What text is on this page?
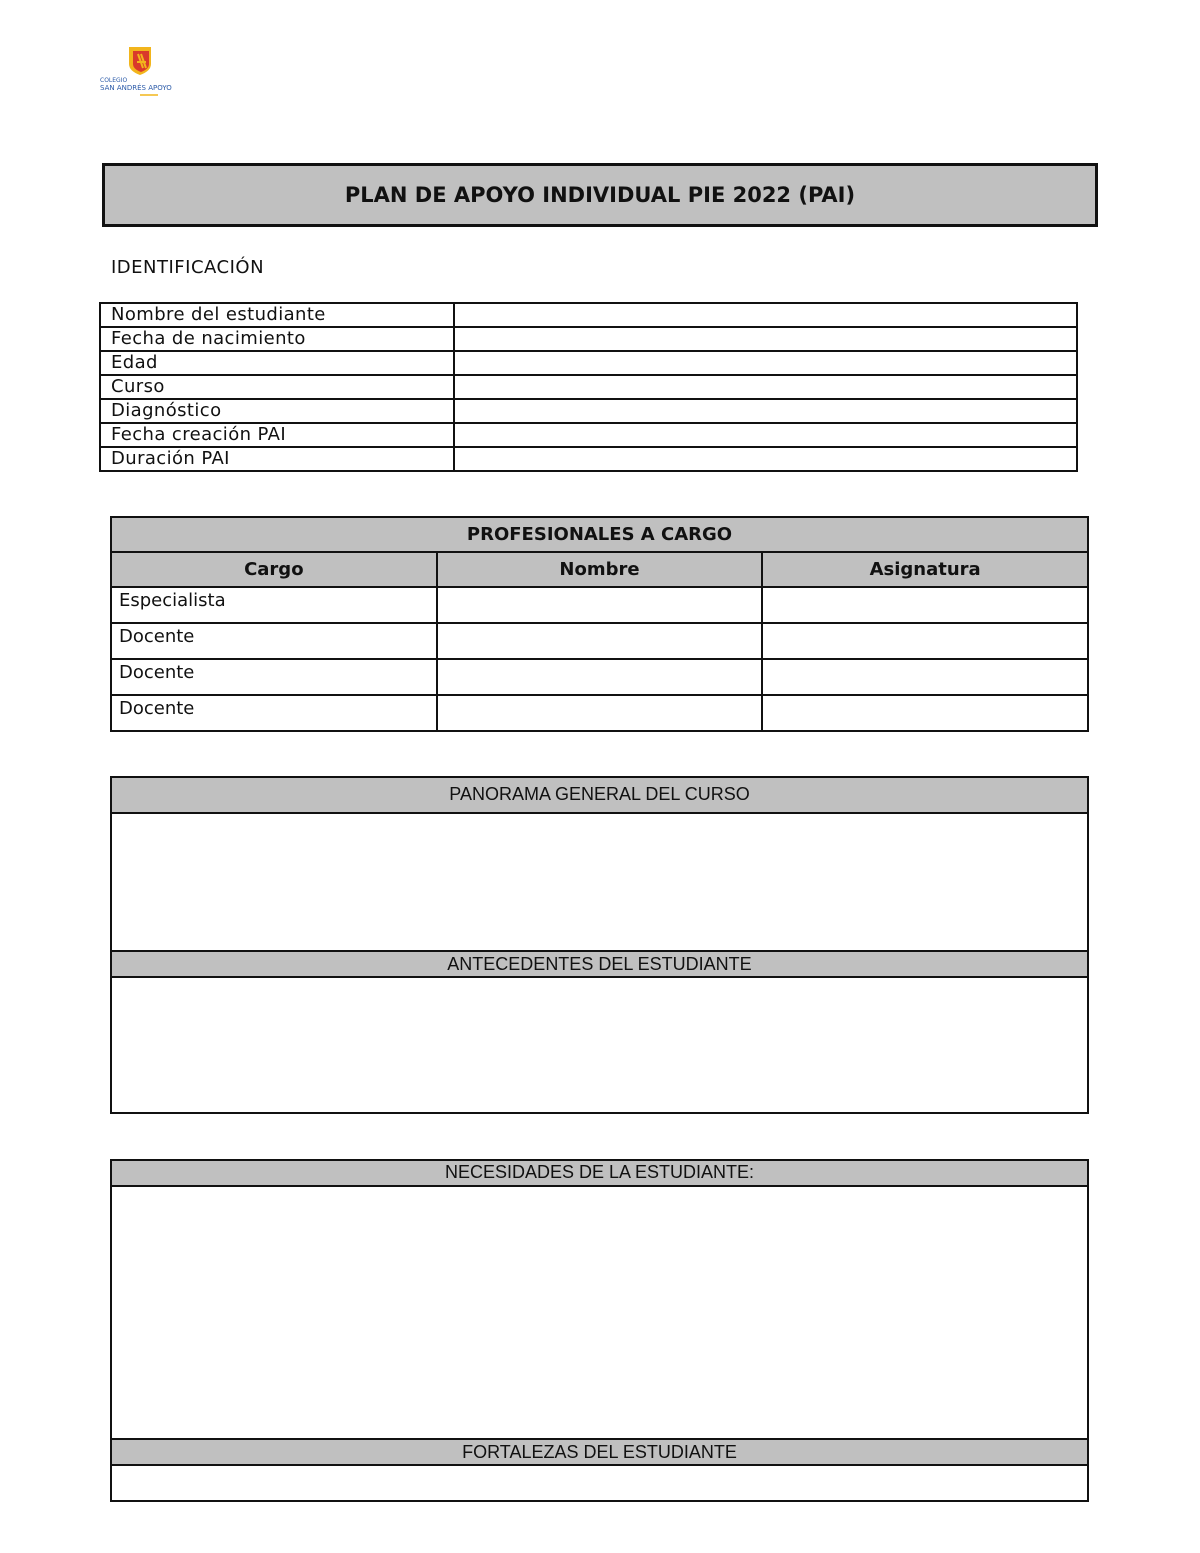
COLEGIO
SAN ANDRÉS APOYO
PLAN DE APOYO INDIVIDUAL PIE 2022 (PAI)
IDENTIFICACIÓN
Nombre del estudiante	
Fecha de nacimiento	
Edad	
Curso	
Diagnóstico	
Fecha creación PAI	
Duración PAI	
PROFESIONALES A CARGO		
Cargo	Nombre	Asignatura
Especialista		
Docente		
Docente		
Docente		
PANORAMA GENERAL DEL CURSO
ANTECEDENTES DEL ESTUDIANTE
NECESIDADES DE LA ESTUDIANTE:
FORTALEZAS DEL ESTUDIANTE
